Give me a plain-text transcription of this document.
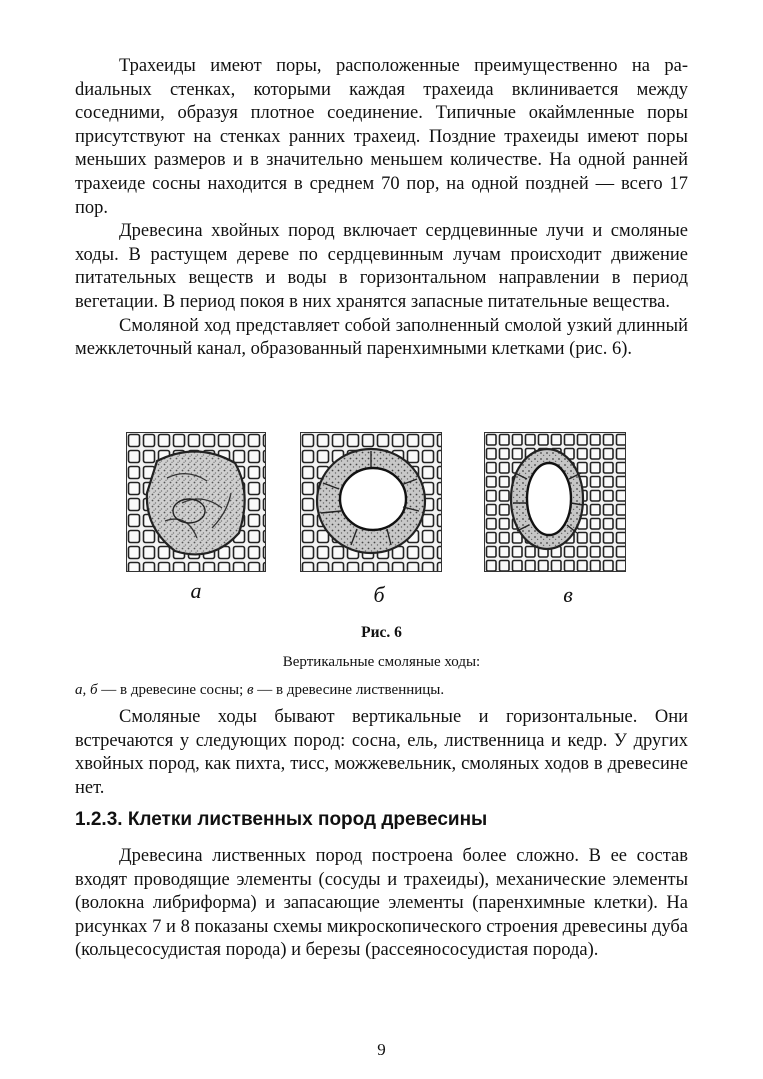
Трахеиды имеют поры, расположенные преимущественно на раdиальных стенках, которыми каждая трахеида вклинивается между соседними, образуя плотное соединение. Типичные окаймленные поры присутствуют на стенках ранних трахеид. Поздние трахеиды имеют поры меньших размеров и в значительно меньшем количестве. На одной ранней трахеиде сосны находится в среднем 70 пор, на одной поздней — всего 17 пор.

Древесина хвойных пород включает сердцевинные лучи и смоляные ходы. В растущем дереве по сердцевинным лучам происходит движение питательных веществ и воды в горизонтальном направлении в период вегетации. В период покоя в них хранятся запасные питательные вещества.

Смоляной ход представляет собой заполненный смолой узкий длинный межклеточный канал, образованный паренхимными клетками (рис. 6).

а	б	в
Рис. 6
Вертикальные смоляные ходы:
а, б — в древесине сосны; в — в древесине лиственницы.

Смоляные ходы бывают вертикальные и горизонтальные. Они встречаются у следующих пород: сосна, ель, лиственница и кедр. У других хвойных пород, как пихта, тисс, можжевельник, смоляных ходов в древесине нет.

1.2.3. Клетки лиственных пород древесины

Древесина лиственных пород построена более сложно. В ее состав входят проводящие элементы (сосуды и трахеиды), механические элементы (волокна либриформа) и запасающие элементы (паренхимные клетки). На рисунках 7 и 8 показаны схемы микроскопического строения древесины дуба (кольцесосудистая порода) и березы (рассеянососудистая порода).

9
